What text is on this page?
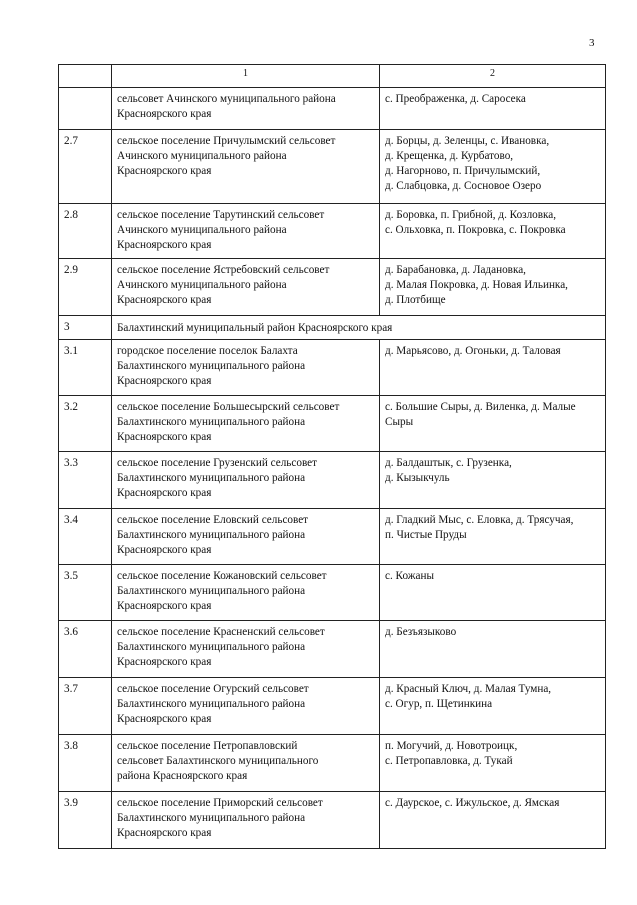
3
	1	2
	сельсовет Ачинского муниципального района
Красноярского края	с. Преображенка, д. Саросека
2.7	сельское поселение Причулымский сельсовет
Ачинского муниципального района
Красноярского края	д. Борцы, д. Зеленцы, с. Ивановка,
д. Крещенка, д. Курбатово,
д. Нагорново, п. Причулымский,
д. Слабцовка, д. Сосновое Озеро
2.8	сельское поселение Тарутинский сельсовет
Ачинского муниципального района
Красноярского края	д. Боровка, п. Грибной, д. Козловка,
с. Ольховка, п. Покровка, с. Покровка
2.9	сельское поселение Ястребовский сельсовет
Ачинского муниципального района
Красноярского края	д. Барабановка, д. Ладановка,
д. Малая Покровка, д. Новая Ильинка,
д. Плотбище
3	Балахтинский муниципальный район Красноярского края	
3.1	городское поселение поселок Балахта
Балахтинского муниципального района
Красноярского края	д. Марьясово, д. Огоньки, д. Таловая
3.2	сельское поселение Большесырский сельсовет
Балахтинского муниципального района
Красноярского края	с. Большие Сыры, д. Виленка, д. Малые
Сыры
3.3	сельское поселение Грузенский сельсовет
Балахтинского муниципального района
Красноярского края	д. Балдаштык, с. Грузенка,
д. Кызыкчуль
3.4	сельское поселение Еловский сельсовет
Балахтинского муниципального района
Красноярского края	д. Гладкий Мыс, с. Еловка, д. Трясучая,
п. Чистые Пруды
3.5	сельское поселение Кожановский сельсовет
Балахтинского муниципального района
Красноярского края	с. Кожаны
3.6	сельское поселение Красненский сельсовет
Балахтинского муниципального района
Красноярского края	д. Безъязыково
3.7	сельское поселение Огурский сельсовет
Балахтинского муниципального района
Красноярского края	д. Красный Ключ, д. Малая Тумна,
с. Огур, п. Щетинкина
3.8	сельское поселение Петропавловский
сельсовет Балахтинского муниципального
района Красноярского края	п. Могучий, д. Новотроицк,
с. Петропавловка, д. Тукай
3.9	сельское поселение Приморский сельсовет
Балахтинского муниципального района
Красноярского края	с. Даурское, с. Ижульское, д. Ямская
